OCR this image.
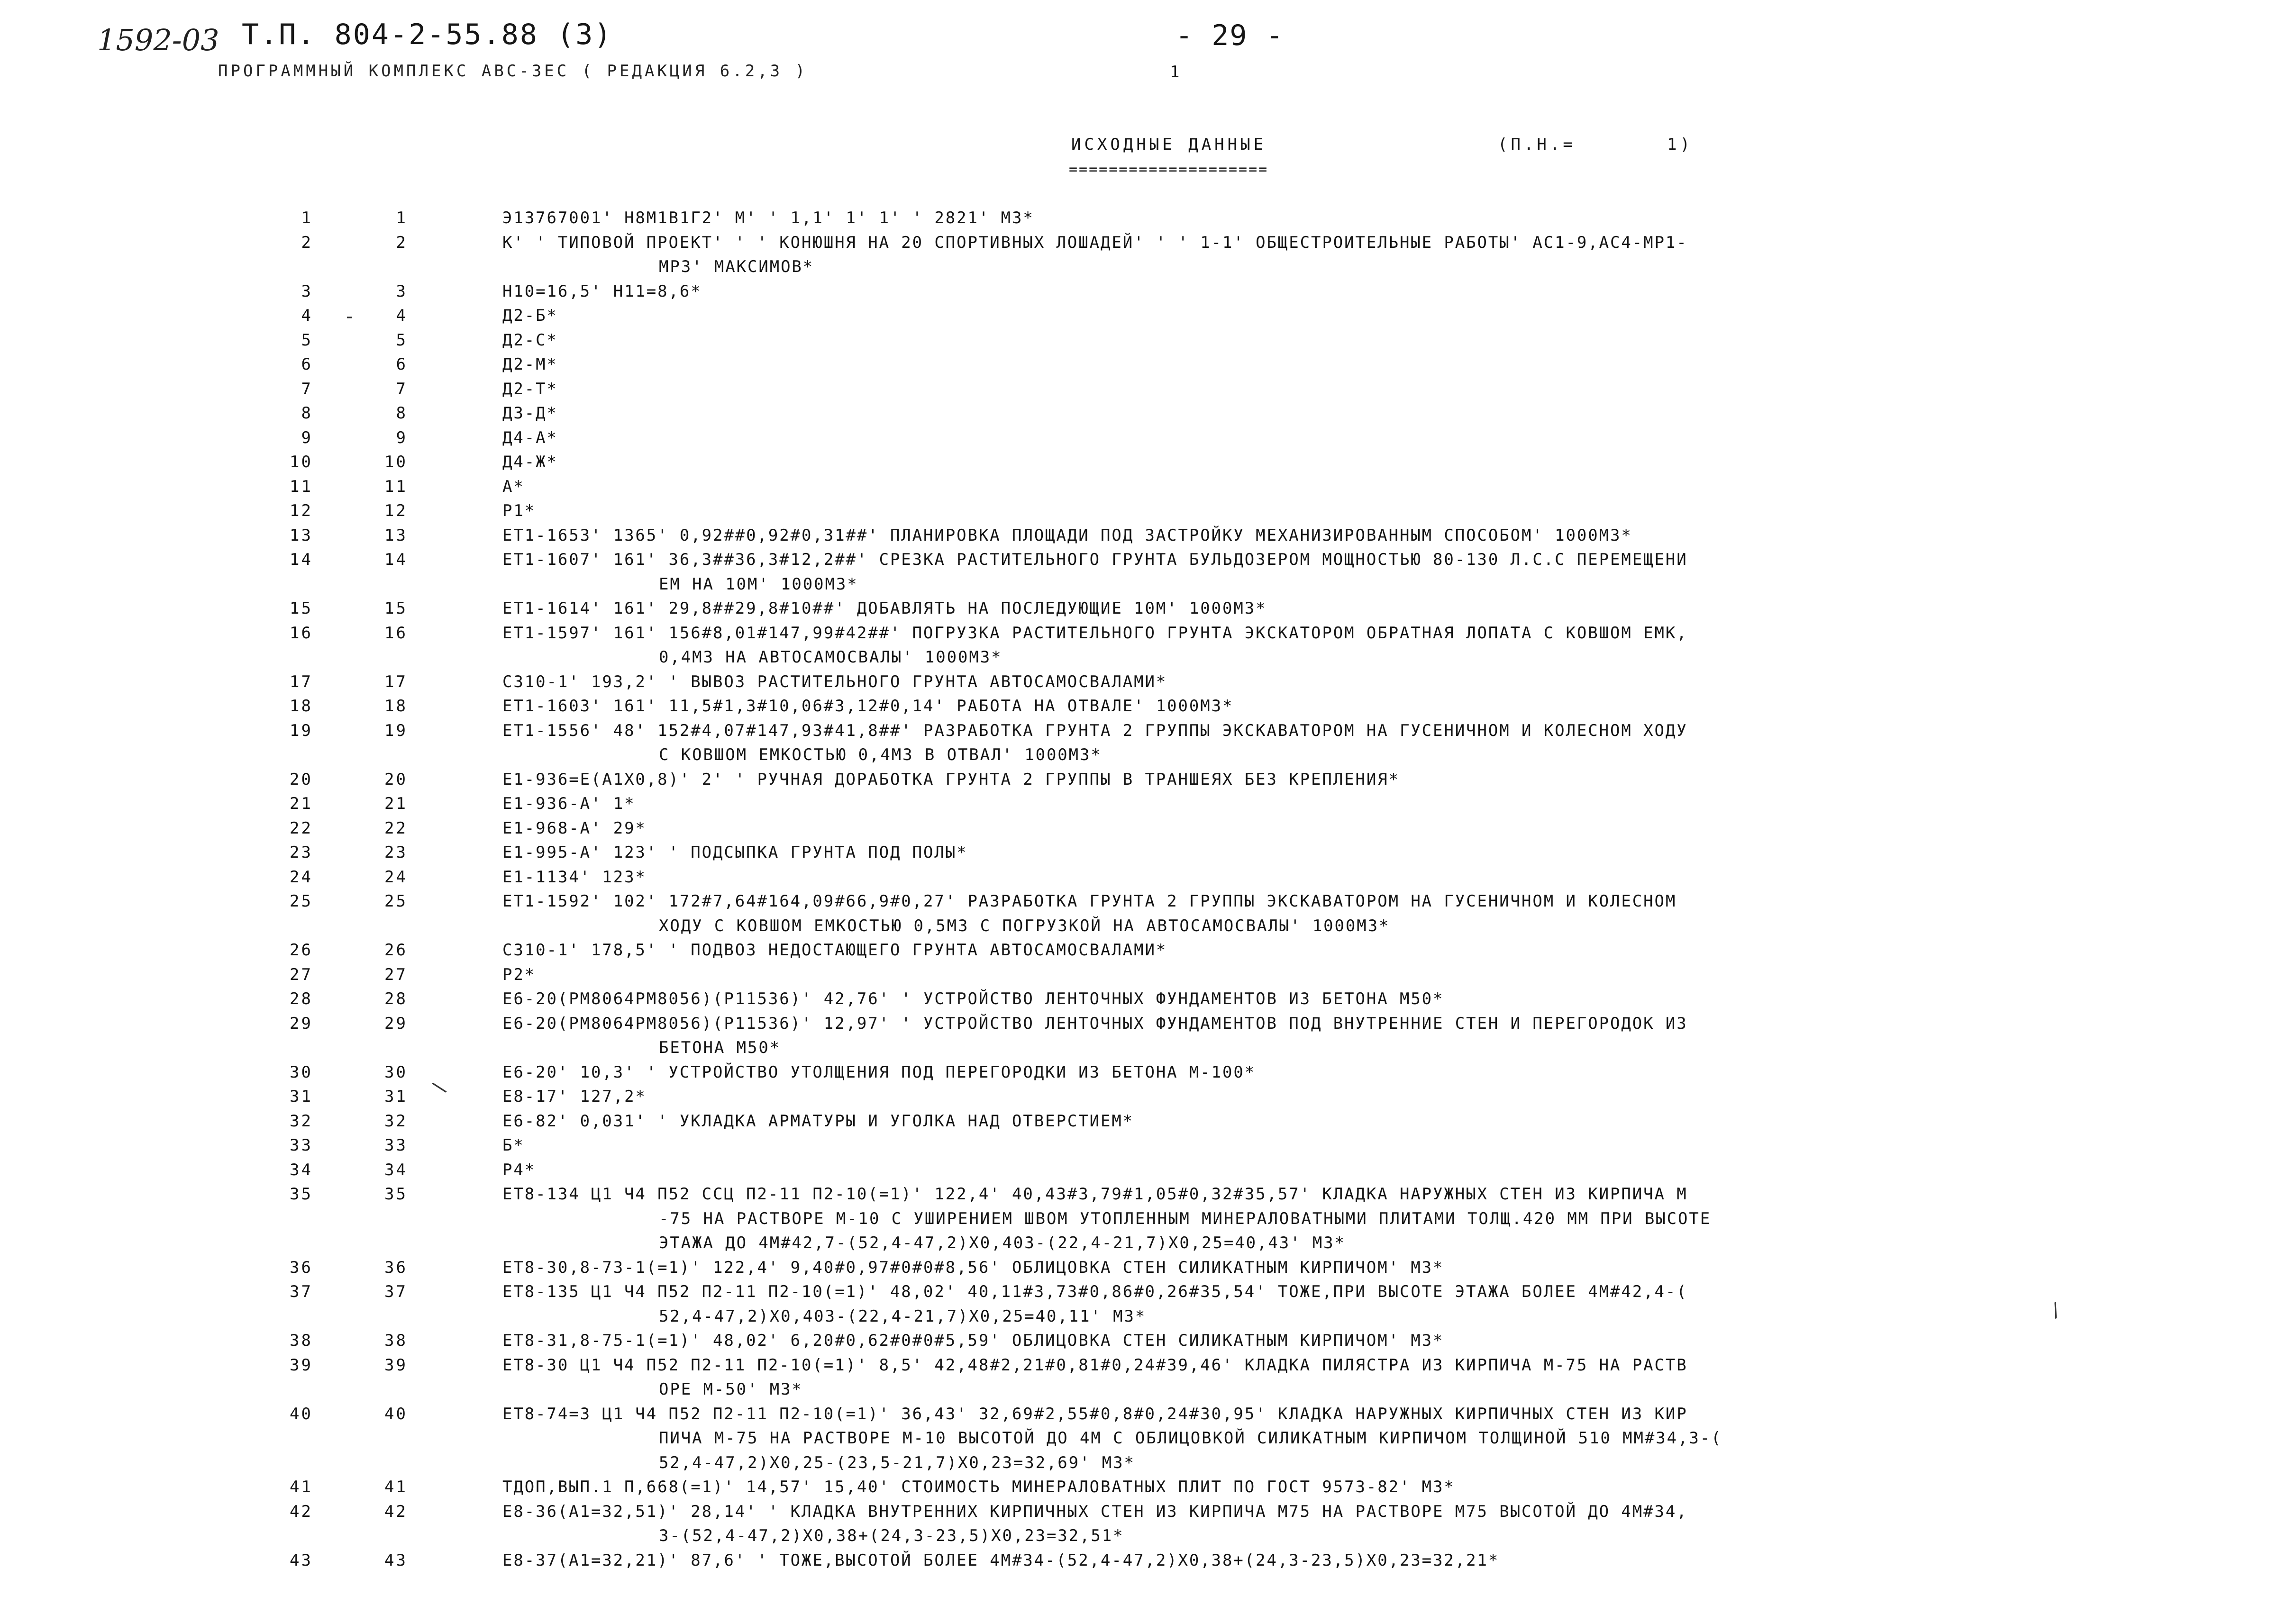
1592-03 Т.П. 804-2-55.88 (3)	- 29 -
ПРОГРАММНЫЙ КОМПЛЕКС АВС-3ЕС ( РЕДАКЦИЯ 6.2,3 )	1
ИСХОДНЫЕ ДАННЫЕ
====================
(П.Н.=       1)
1	1	Э13767001' Н8М1В1Г2' М' ' 1,1' 1' 1' ' 2821' М3*
2	2	К' ' ТИПОВОЙ ПРОЕКТ' ' ' КОНЮШНЯ НА 20 СПОРТИВНЫХ ЛОШАДЕЙ' ' ' 1-1' ОБЩЕСТРОИТЕЛЬНЫЕ РАБОТЫ' АС1-9,АС4-МР1-
МР3' МАКСИМОВ*
3	3	Н10=16,5' Н11=8,6*
4	4	Д2-Б*
5	5	Д2-С*
6	6	Д2-М*
7	7	Д2-Т*
8	8	Д3-Д*
9	9	Д4-А*
10	10	Д4-Ж*
11	11	А*
12	12	Р1*
13	13	ЕТ1-1653' 1365' 0,92##0,92#0,31##' ПЛАНИРОВКА ПЛОЩАДИ ПОД ЗАСТРОЙКУ МЕХАНИЗИРОВАННЫМ СПОСОБОМ' 1000М3*
14	14	ЕТ1-1607' 161' 36,3##36,3#12,2##' СРЕЗКА РАСТИТЕЛЬНОГО ГРУНТА БУЛЬДОЗЕРОМ МОЩНОСТЬЮ 80-130 Л.С.С ПЕРЕМЕЩЕНИ
ЕМ НА 10М' 1000М3*
15	15	ЕТ1-1614' 161' 29,8##29,8#10##' ДОБАВЛЯТЬ НА ПОСЛЕДУЮЩИЕ 10М' 1000М3*
16	16	ЕТ1-1597' 161' 156#8,01#147,99#42##' ПОГРУЗКА РАСТИТЕЛЬНОГО ГРУНТА ЭКСКАТОРОМ ОБРАТНАЯ ЛОПАТА С КОВШОМ ЕМК,
0,4М3 НА АВТОСАМОСВАЛЫ' 1000М3*
17	17	С310-1' 193,2' ' ВЫВОЗ РАСТИТЕЛЬНОГО ГРУНТА АВТОСАМОСВАЛАМИ*
18	18	ЕТ1-1603' 161' 11,5#1,3#10,06#3,12#0,14' РАБОТА НА ОТВАЛЕ' 1000М3*
19	19	ЕТ1-1556' 48' 152#4,07#147,93#41,8##' РАЗРАБОТКА ГРУНТА 2 ГРУППЫ ЭКСКАВАТОРОМ НА ГУСЕНИЧНОМ И КОЛЕСНОМ ХОДУ
С КОВШОМ ЕМКОСТЬЮ 0,4М3 В ОТВАЛ' 1000М3*
20	20	Е1-936=Е(А1Х0,8)' 2' ' РУЧНАЯ ДОРАБОТКА ГРУНТА 2 ГРУППЫ В ТРАНШЕЯХ БЕЗ КРЕПЛЕНИЯ*
21	21	Е1-936-А' 1*
22	22	Е1-968-А' 29*
23	23	Е1-995-А' 123' ' ПОДСЫПКА ГРУНТА ПОД ПОЛЫ*
24	24	Е1-1134' 123*
25	25	ЕТ1-1592' 102' 172#7,64#164,09#66,9#0,27' РАЗРАБОТКА ГРУНТА 2 ГРУППЫ ЭКСКАВАТОРОМ НА ГУСЕНИЧНОМ И КОЛЕСНОМ
ХОДУ С КОВШОМ ЕМКОСТЬЮ 0,5М3 С ПОГРУЗКОЙ НА АВТОСАМОСВАЛЫ' 1000М3*
26	26	С310-1' 178,5' ' ПОДВОЗ НЕДОСТАЮЩЕГО ГРУНТА АВТОСАМОСВАЛАМИ*
27	27	Р2*
28	28	Е6-20(РМ8064РМ8056)(Р11536)' 42,76' ' УСТРОЙСТВО ЛЕНТОЧНЫХ ФУНДАМЕНТОВ ИЗ БЕТОНА М50*
29	29	Е6-20(РМ8064РМ8056)(Р11536)' 12,97' ' УСТРОЙСТВО ЛЕНТОЧНЫХ ФУНДАМЕНТОВ ПОД ВНУТРЕННИЕ СТЕН И ПЕРЕГОРОДОК ИЗ
БЕТОНА М50*
30	30	Е6-20' 10,3' ' УСТРОЙСТВО УТОЛЩЕНИЯ ПОД ПЕРЕГОРОДКИ ИЗ БЕТОНА М-100*
31	31	Е8-17' 127,2*
32	32	Е6-82' 0,031' ' УКЛАДКА АРМАТУРЫ И УГОЛКА НАД ОТВЕРСТИЕМ*
33	33	Б*
34	34	Р4*
35	35	ЕТ8-134 Ц1 Ч4 П52 ССЦ П2-11 П2-10(=1)' 122,4' 40,43#3,79#1,05#0,32#35,57' КЛАДКА НАРУЖНЫХ СТЕН ИЗ КИРПИЧА М
-75 НА РАСТВОРЕ М-10 С УШИРЕНИЕМ ШВОМ УТОПЛЕННЫМ МИНЕРАЛОВАТНЫМИ ПЛИТАМИ ТОЛЩ.420 ММ ПРИ ВЫСОТЕ
ЭТАЖА ДО 4М#42,7-(52,4-47,2)Х0,403-(22,4-21,7)Х0,25=40,43' М3*
36	36	ЕТ8-30,8-73-1(=1)' 122,4' 9,40#0,97#0#0#8,56' ОБЛИЦОВКА СТЕН СИЛИКАТНЫМ КИРПИЧОМ' М3*
37	37	ЕТ8-135 Ц1 Ч4 П52 П2-11 П2-10(=1)' 48,02' 40,11#3,73#0,86#0,26#35,54' ТОЖЕ,ПРИ ВЫСОТЕ ЭТАЖА БОЛЕЕ 4М#42,4-(
52,4-47,2)Х0,403-(22,4-21,7)Х0,25=40,11' М3*
38	38	ЕТ8-31,8-75-1(=1)' 48,02' 6,20#0,62#0#0#5,59' ОБЛИЦОВКА СТЕН СИЛИКАТНЫМ КИРПИЧОМ' М3*
39	39	ЕТ8-30 Ц1 Ч4 П52 П2-11 П2-10(=1)' 8,5' 42,48#2,21#0,81#0,24#39,46' КЛАДКА ПИЛЯСТРА ИЗ КИРПИЧА М-75 НА РАСТВ
ОРЕ М-50' М3*
40	40	ЕТ8-74=3 Ц1 Ч4 П52 П2-11 П2-10(=1)' 36,43' 32,69#2,55#0,8#0,24#30,95' КЛАДКА НАРУЖНЫХ КИРПИЧНЫХ СТЕН ИЗ КИР
ПИЧА М-75 НА РАСТВОРЕ М-10 ВЫСОТОЙ ДО 4М С ОБЛИЦОВКОЙ СИЛИКАТНЫМ КИРПИЧОМ ТОЛЩИНОЙ 510 ММ#34,3-(
52,4-47,2)Х0,25-(23,5-21,7)Х0,23=32,69' М3*
41	41	ТДОП,ВЫП.1 П,668(=1)' 14,57' 15,40' СТОИМОСТЬ МИНЕРАЛОВАТНЫХ ПЛИТ ПО ГОСТ 9573-82' М3*
42	42	Е8-36(А1=32,51)' 28,14' ' КЛАДКА ВНУТРЕННИХ КИРПИЧНЫХ СТЕН ИЗ КИРПИЧА М75 НА РАСТВОРЕ М75 ВЫСОТОЙ ДО 4М#34,
3-(52,4-47,2)Х0,38+(24,3-23,5)Х0,23=32,51*
43	43	Е8-37(А1=32,21)' 87,6' ' ТОЖЕ,ВЫСОТОЙ БОЛЕЕ 4М#34-(52,4-47,2)Х0,38+(24,3-23,5)Х0,23=32,21*
-
\
/
